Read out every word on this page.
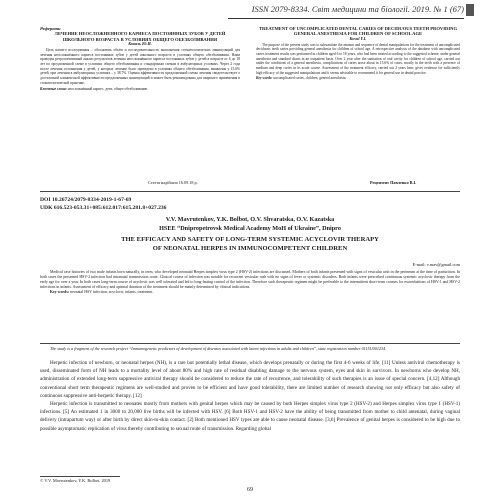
ISSN 2079-8334. Світ медицини та біології. 2019. № 1 (67)
Реферати
ЛЕЧЕНИЕ НЕОСЛОЖНЕННОГО КАРИЕСА ПОСТОЯННЫХ ЗУБОВ У ДЕТЕЙ ШКОЛЬНОГО ВОЗРАСТА В УСЛОВИЯХ ОБЩЕГО ОБЕЗБОЛИВАНИЯ
Коваль Ю.И.

Цель нашего исследования – обосновать объём и последовательность выполнения стоматологических манипуляций для лечения неосложнённого кариеса постоянных зубов у детей школьного возраста в условиях общего обезболивания. Нами проведен ретроспективный анализ результатов лечения неосложнённого кариеса постоянных зубов у детей в возрасте от 6 до 18 лет по предложенной схеме в условиях общего обезболивания и стандартным схемам в амбулаторных условиях. Через 2 года после лечения осложнения у детей, у которых лечение было проведено в условиях общего обезболивания, выявлены у 15,6% детей, при лечении в амбулаторных условиях – у 38,7%. Оценка эффективности предложенной схемы лечения свидетельствует о достаточной клинической эффективности предложенных манипуляций и может быть рекомендована для широкого применения в стоматологической практике.

Ключевые слова: неосложнённый кариес, дети, общее обезболивание.
Стаття надійшла 16.09.18 р.
TREATMENT OF UNCOMPLICATED DENTAL CARIES OF DECIDUOUS TEETH PROVIDING GENERAL ANESTHESIA FOR CHILDREN OF SCHOOL AGE
Koval Y.I.

The purpose of the present study was to substantiate the amount and sequence of dental manipulations for the treatment of uncomplicated deciduous teeth caries providing general anesthesia for children of school age. A retrospective analysis of the database with uncomplicated caries treatment results was performed in children aged 6 to 18 years, who had been treated according to the suggested scheme, under general anesthesia and standard charts in an outpatient basis. Over 2 year after the sanitation of oral cavity for children of school age, carried out under the conditions of a general anesthesia, complications of caries arose about in 15.6% of cases, mostly in the teeth with a presence of medium and deep caries in its acute course. Assessment of the treatment efficacy, carried out 2 years later, gives evidence for sufficiently high efficacy of the suggested manipulations and it seems advisable to recommend it for general use in dental practice.

Key words: uncomplicated caries, children, general anesthesia.
Рецензент Павленко В.І.
DOI 10.26724/2079-8334-2019-1-67-69
UDK 616.523-053.31+085:612.017:615.281.8+027.236
V.V. Mavrutenkov, Y.K. Bolbot, O.V. Shvaratska, O.V. Kazatska
HSEE “Dnipropetrovsk Medical Academy MoH of Ukraine”, Dnipro
THE EFFICACY AND SAFETY OF LONG-TERM SYSTEMIC ACYCLOVIR THERAPY
OF NEONATAL HERPES IN IMMUNOCOMPETENT CHILDREN
E-mail: v.mav@gmail.com

Medical case histories of two male infants born naturally, in term, who developed neonatal Herpes simplex virus type 2 (HSV-2) infections are discussed. Mothers of both infants presented with signs of vesicular rash in the perineum at the time of parturition. In both cases the presented HSV-2 infection had intranatal transmission route. Clinical course of infection was notable for recurrent vesicular rash with no signs of fever or systemic disorders. Both infants were prescribed continuous systemic acyclovir therapy from the early age for over a year. In both cases long-term course of acyclovir was well tolerated and led to long-lasting control of the infection. Therefore such therapeutic regimen might be preferable to the intermittent short-term courses for exacerbations of HSV-1 and HSV-2 infections in infants. Assessment of efficacy and optimal duration of the treatment should be mainly determined by clinical indications.

Key words: neonatal HSV infection, acyclovir, infants, treatment.

The study is a fragment of the research project “Immunogenetic predictors of development of diseases associated with latent infections in adults and children”, state registration number 0115U001234.

Herpetic infection of newborn, or neonatal herpes (NH), is a rare but potentially lethal disease, which develops prenatally or during the first 4-6 weeks of life. [11] Unless antiviral chemotherapy is used, disseminated form of NH leads to a mortality level of about 80% and high rate of residual disabling damage to the nervous system, eyes and skin in survivors. In newborns who develop NH, administration of extended long-term suppressive antiviral therapy should be considered to reduce the rate of recurrence, and tolerability of such therapies is an issue of special concern. [4,12] Although conventional short term therapeutic regimens are well-studied and proven to be efficient and have good tolerability, there are limited number of research showing not only efficacy but also safety of continuous suppressive anti-herpetic therapy. [12]

Herpetic infection is transmitted to neonates mostly from mothers with genital herpes which may be caused by both Herpes simplex virus type 2 (HSV-2) and Herpes simplex virus type 1 (HSV-1) infections. [5] An estimated 1 in 3000 to 20,000 live births will be infected with HSV. [6] Both HSV-1 and HSV-2 have the ability of being transmitted from mother to child antenatal, during vaginal delivery (intrapartum way) or after birth by direct skin-to-skin contact. [2] Both mentioned HSV types are able to cause neonatal disease. [3,6] Prevalence of genital herpes is considered to be high due to possible asymptomatic replication of virus thereby contributing to sexual route of transmission. Regarding global

© V.V. Mavrutenkov, Y.K. Bolbot, 2019
69
